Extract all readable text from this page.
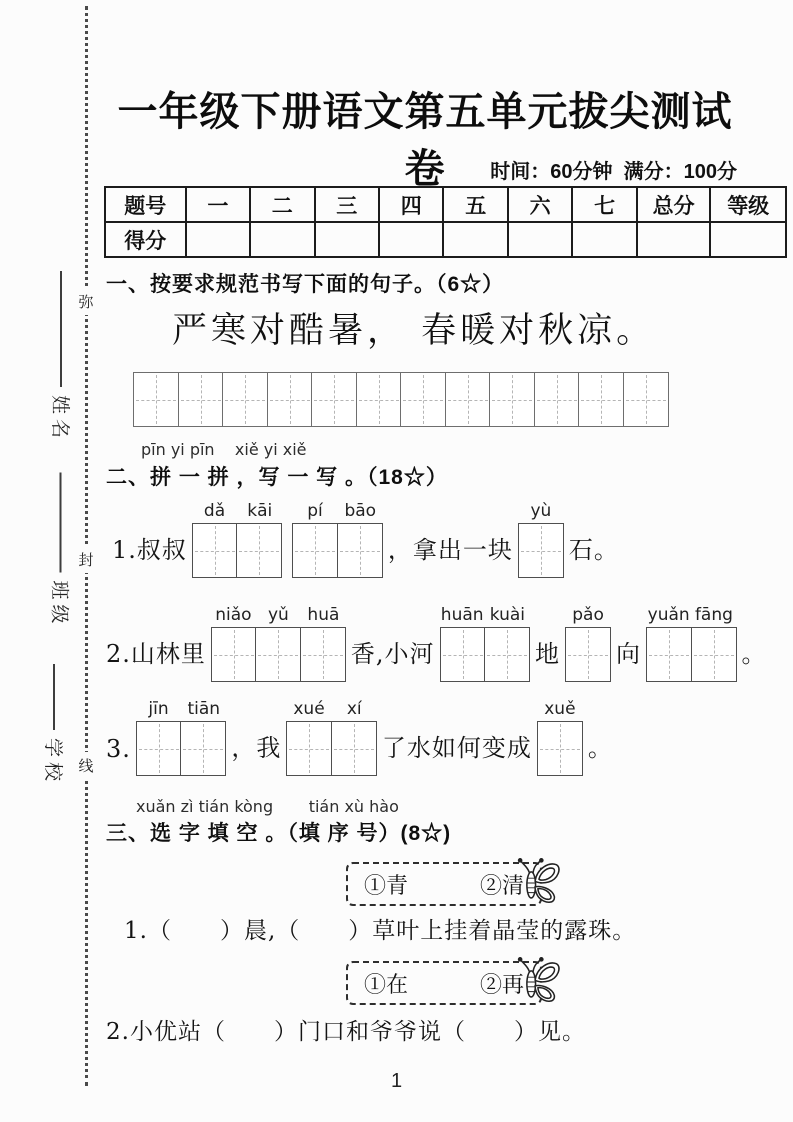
弥
封
线
姓名
班级
学校
一年级下册语文第五单元拔尖测试卷	时间：60分钟  满分：100分
题号	一	二	三	四	五	六	七	总分	等级
得分									
一、按要求规范书写下面的句子。（6☆）
严寒对酷暑， 春暖对秋凉。
pīn yi pīn    xiě yi xiě
二、拼 一 拼 ，写 一 写 。（18☆）
1.叔叔
dǎ	kāi	pí	bāo
，拿出一块
yù
石。
2.山林里
niǎo yǔ	huā
香,小河
huān kuài
地
pǎo
向
yuǎn fāng
。
3.
jīn	tiān
，我
xué	xí
了水如何变成
xuě
。
xuǎn zì tián kòng       tián xù hào
三、选 字 填 空 。（填 序 号）(8☆)
①青	②清
1.（　　）晨,（　　）草叶上挂着晶莹的露珠。
①在	②再
2.小优站（　　）门口和爷爷说（　　）见。
1
